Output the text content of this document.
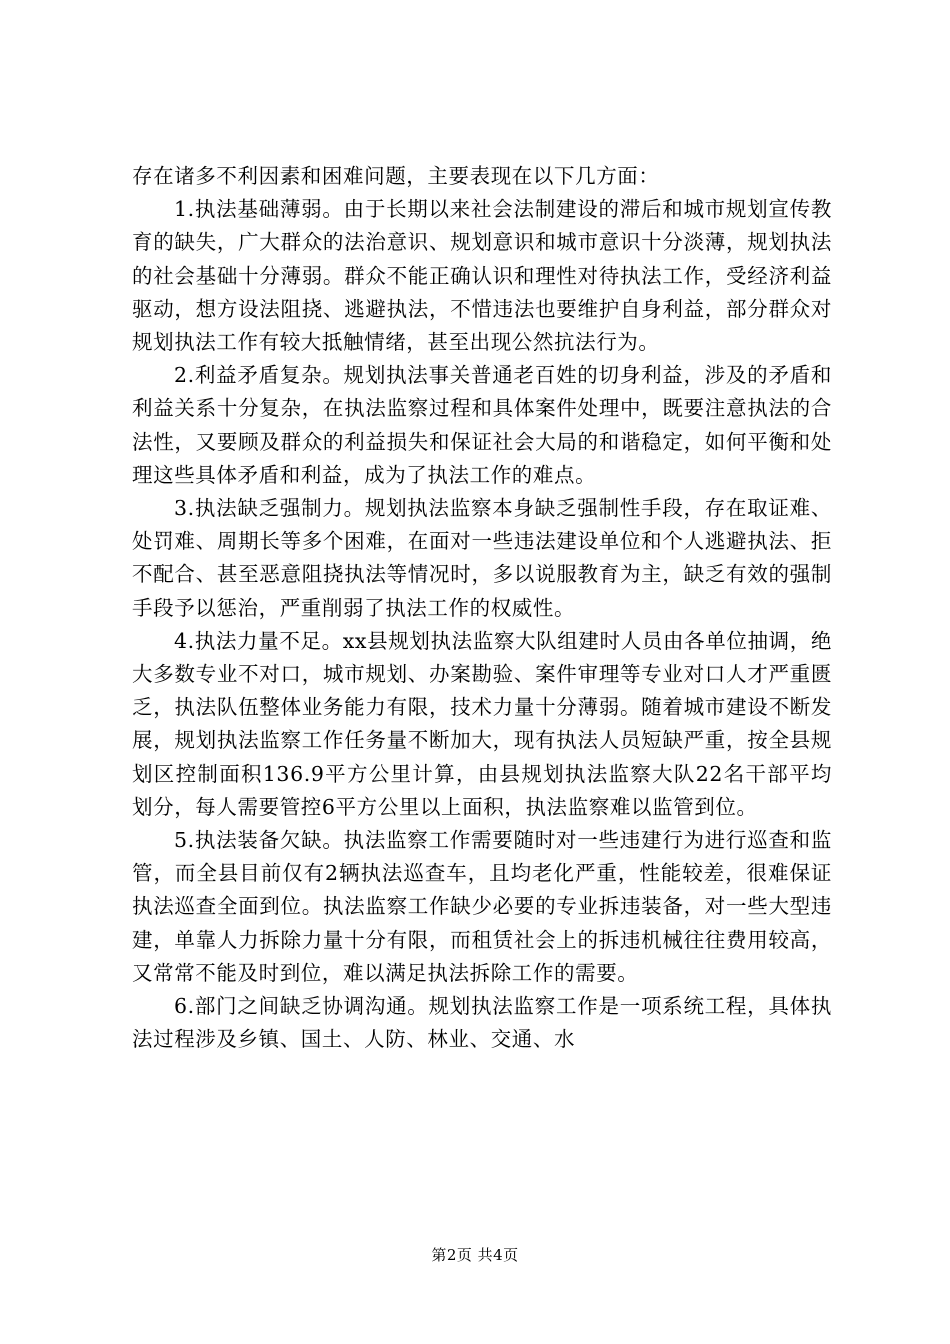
存在诸多不利因素和困难问题，主要表现在以下几方面：

1.执法基础薄弱。由于长期以来社会法制建设的滞后和城市规划宣传教育的缺失，广大群众的法治意识、规划意识和城市意识十分淡薄，规划执法的社会基础十分薄弱。群众不能正确认识和理性对待执法工作，受经济利益驱动，想方设法阻挠、逃避执法，不惜违法也要维护自身利益，部分群众对规划执法工作有较大抵触情绪，甚至出现公然抗法行为。

2.利益矛盾复杂。规划执法事关普通老百姓的切身利益，涉及的矛盾和利益关系十分复杂，在执法监察过程和具体案件处理中，既要注意执法的合法性，又要顾及群众的利益损失和保证社会大局的和谐稳定，如何平衡和处理这些具体矛盾和利益，成为了执法工作的难点。

3.执法缺乏强制力。规划执法监察本身缺乏强制性手段，存在取证难、处罚难、周期长等多个困难，在面对一些违法建设单位和个人逃避执法、拒不配合、甚至恶意阻挠执法等情况时，多以说服教育为主，缺乏有效的强制手段予以惩治，严重削弱了执法工作的权威性。

4.执法力量不足。xx县规划执法监察大队组建时人员由各单位抽调，绝大多数专业不对口，城市规划、办案勘验、案件审理等专业对口人才严重匮乏，执法队伍整体业务能力有限，技术力量十分薄弱。随着城市建设不断发展，规划执法监察工作任务量不断加大，现有执法人员短缺严重，按全县规划区控制面积136.9平方公里计算，由县规划执法监察大队22名干部平均划分，每人需要管控6平方公里以上面积，执法监察难以监管到位。

5.执法装备欠缺。执法监察工作需要随时对一些违建行为进行巡查和监管，而全县目前仅有2辆执法巡查车，且均老化严重，性能较差，很难保证执法巡查全面到位。执法监察工作缺少必要的专业拆违装备，对一些大型违建，单靠人力拆除力量十分有限，而租赁社会上的拆违机械往往费用较高，又常常不能及时到位，难以满足执法拆除工作的需要。

6.部门之间缺乏协调沟通。规划执法监察工作是一项系统工程，具体执法过程涉及乡镇、国土、人防、林业、交通、水

第2页 共4页
